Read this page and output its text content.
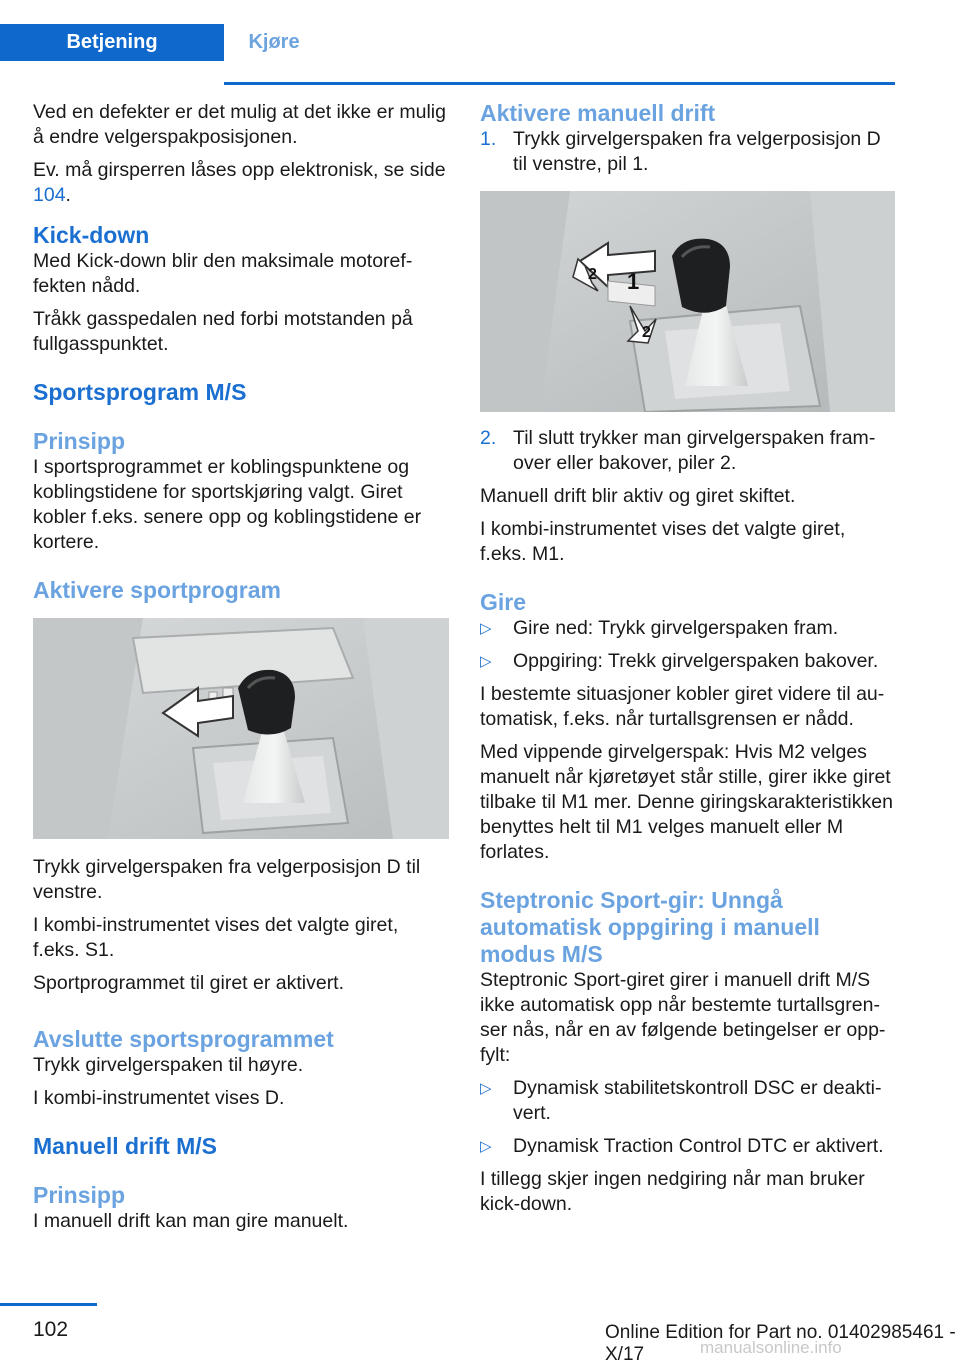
Betjening	Kjøre

Ved en defekter er det mulig at det ikke er mulig å endre velgerspakposisjonen.

Ev. må girsperren låses opp elektronisk, se side 104.

Kick-down

Med Kick-down blir den maksimale motoreffekten nådd.

Tråkk gasspedalen ned forbi motstanden på fullgasspunktet.

Sportsprogram M/S
Prinsipp

I sportsprogrammet er koblingspunktene og koblingstidene for sportskjøring valgt. Giret kobler f.eks. senere opp og koblingstidene er kortere.

Aktivere sportprogram

Trykk girvelgerspaken fra velgerposisjon D til venstre.

I kombi-instrumentet vises det valgte giret, f.eks. S1.

Sportprogrammet til giret er aktivert.

Avslutte sportsprogrammet

Trykk girvelgerspaken til høyre.

I kombi-instrumentet vises D.

Manuell drift M/S
Prinsipp

I manuell drift kan man gire manuelt.

Aktivere manuell drift
1. Trykk girvelgerspaken fra velgerposisjon D til venstre, pil 1.
1
2
2
2. Til slutt trykker man girvelgerspaken framover eller bakover, piler 2.

Manuell drift blir aktiv og giret skiftet.

I kombi-instrumentet vises det valgte giret, f.eks. M1.

Gire
▷ Gire ned: Trykk girvelgerspaken fram.
▷ Oppgiring: Trekk girvelgerspaken bakover.

I bestemte situasjoner kobler giret videre til automatisk, f.eks. når turtallsgrensen er nådd.

Med vippende girvelgerspak: Hvis M2 velges manuelt når kjøretøyet står stille, girer ikke giret tilbake til M1 mer. Denne giringskarakteristikken benyttes helt til M1 velges manuelt eller M forlates.

Steptronic Sport-gir: Unngå automatisk oppgiring i manuell modus M/S

Steptronic Sport-giret girer i manuell drift M/S ikke automatisk opp når bestemte turtallsgrenser nås, når en av følgende betingelser er oppfylt:

▷ Dynamisk stabilitetskontroll DSC er deaktivert.
▷ Dynamisk Traction Control DTC er aktivert.

I tillegg skjer ingen nedgiring når man bruker kick-down.

102	Online Edition for Part no. 01402985461 - X/17	manualsonline.info
